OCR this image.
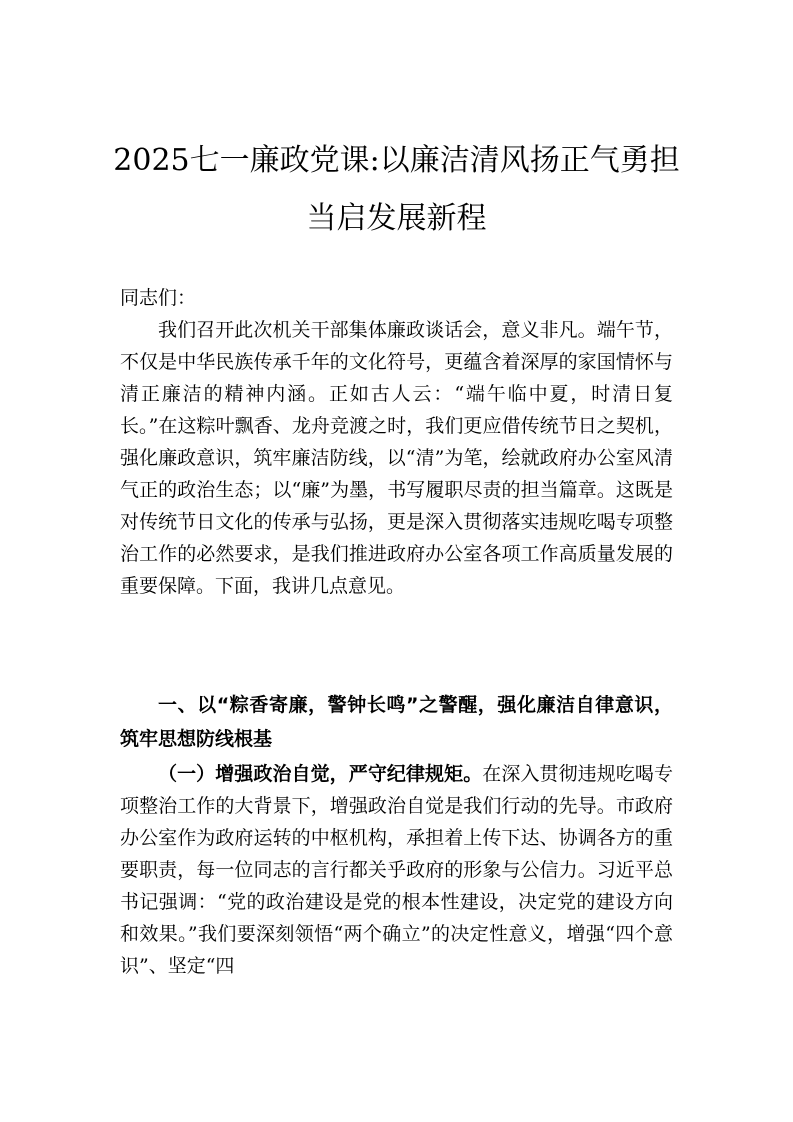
2025七一廉政党课:以廉洁清风扬正气勇担
当启发展新程

同志们：

我们召开此次机关干部集体廉政谈话会，意义非凡。端午节，不仅是中华民族传承千年的文化符号，更蕴含着深厚的家国情怀与清正廉洁的精神内涵。正如古人云：“端午临中夏，时清日复长。”在这粽叶飘香、龙舟竞渡之时，我们更应借传统节日之契机，强化廉政意识，筑牢廉洁防线，以“清”为笔，绘就政府办公室风清气正的政治生态；以“廉”为墨，书写履职尽责的担当篇章。这既是对传统节日文化的传承与弘扬，更是深入贯彻落实违规吃喝专项整治工作的必然要求，是我们推进政府办公室各项工作高质量发展的重要保障。下面，我讲几点意见。

一、以“粽香寄廉，警钟长鸣”之警醒，强化廉洁自律意识，筑牢思想防线根基

（一）增强政治自觉，严守纪律规矩。在深入贯彻违规吃喝专项整治工作的大背景下，增强政治自觉是我们行动的先导。市政府办公室作为政府运转的中枢机构，承担着上传下达、协调各方的重要职责，每一位同志的言行都关乎政府的形象与公信力。习近平总书记强调：“党的政治建设是党的根本性建设，决定党的建设方向和效果。”我们要深刻领悟“两个确立”的决定性意义，增强“四个意识”、坚定“四
